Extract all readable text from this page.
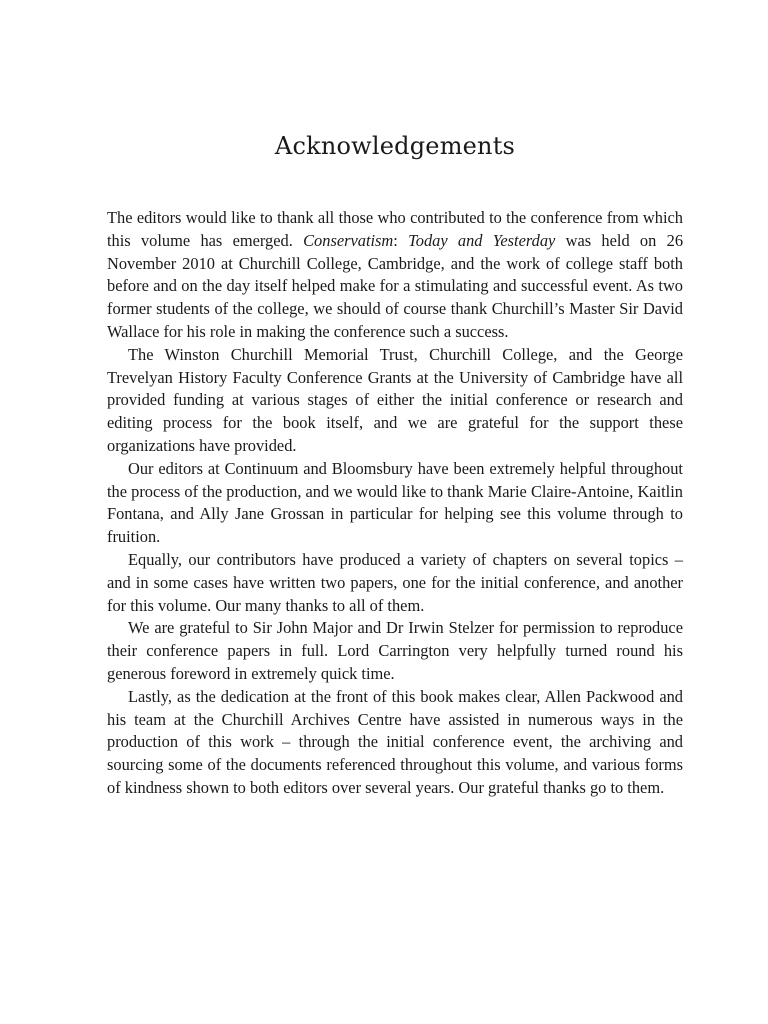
Acknowledgements

The editors would like to thank all those who contributed to the conference from which this volume has emerged. Conservatism: Today and Yesterday was held on 26 November 2010 at Churchill College, Cambridge, and the work of college staff both before and on the day itself helped make for a stimulating and successful event. As two former students of the college, we should of course thank Churchill’s Master Sir David Wallace for his role in making the conference such a success.

The Winston Churchill Memorial Trust, Churchill College, and the George Trevelyan History Faculty Conference Grants at the University of Cambridge have all provided funding at various stages of either the initial conference or research and editing process for the book itself, and we are grateful for the support these organizations have provided.

Our editors at Continuum and Bloomsbury have been extremely helpful throughout the process of the production, and we would like to thank Marie Claire-Antoine, Kaitlin Fontana, and Ally Jane Grossan in particular for helping see this volume through to fruition.

Equally, our contributors have produced a variety of chapters on several topics – and in some cases have written two papers, one for the initial conference, and another for this volume. Our many thanks to all of them.

We are grateful to Sir John Major and Dr Irwin Stelzer for permission to reproduce their conference papers in full. Lord Carrington very helpfully turned round his generous foreword in extremely quick time.

Lastly, as the dedication at the front of this book makes clear, Allen Packwood and his team at the Churchill Archives Centre have assisted in numerous ways in the production of this work – through the initial conference event, the archiving and sourcing some of the documents referenced throughout this volume, and various forms of kindness shown to both editors over several years. Our grateful thanks go to them.
